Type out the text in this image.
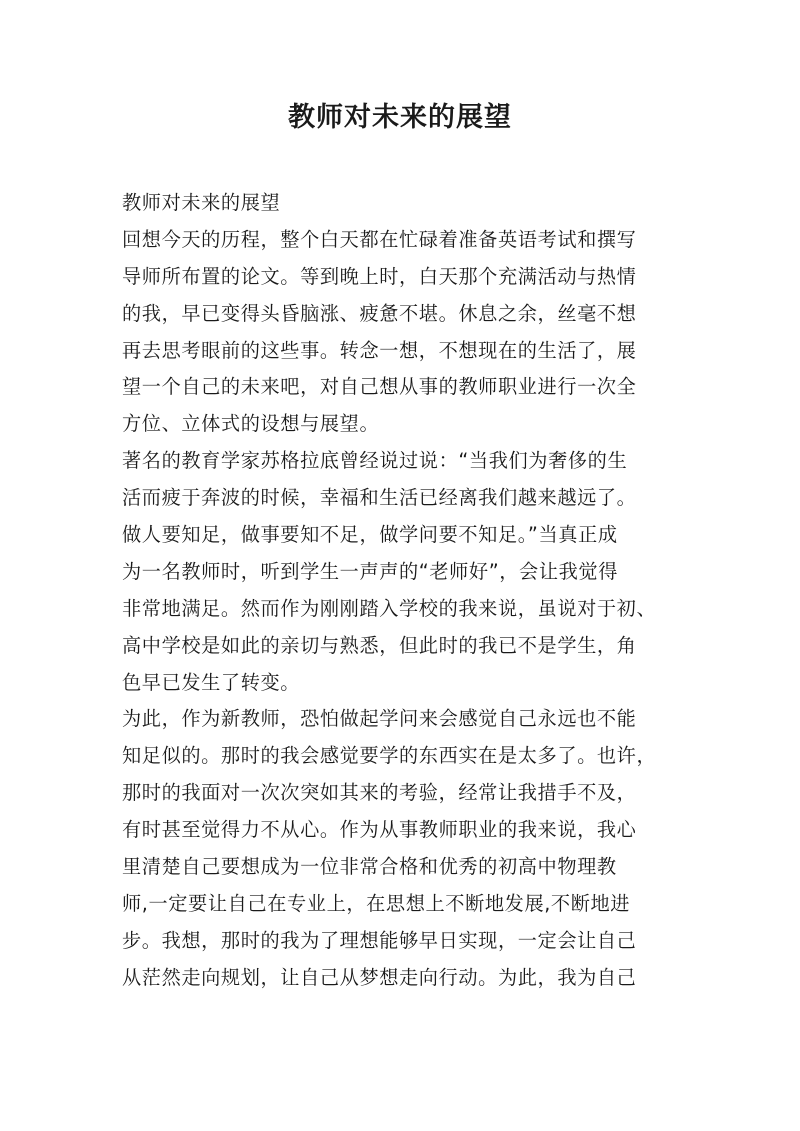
教师对未来的展望
教师对未来的展望
回想今天的历程，整个白天都在忙碌着准备英语考试和撰写
导师所布置的论文。等到晚上时，白天那个充满活动与热情
的我，早已变得头昏脑涨、疲惫不堪。休息之余，丝毫不想
再去思考眼前的这些事。转念一想，不想现在的生活了，展
望一个自己的未来吧，对自己想从事的教师职业进行一次全
方位、立体式的设想与展望。
著名的教育学家苏格拉底曾经说过说：“当我们为奢侈的生
活而疲于奔波的时候，幸福和生活已经离我们越来越远了。
做人要知足，做事要知不足，做学问要不知足。”当真正成
为一名教师时，听到学生一声声的“老师好”，会让我觉得
非常地满足。然而作为刚刚踏入学校的我来说，虽说对于初、
高中学校是如此的亲切与熟悉，但此时的我已不是学生，角
色早已发生了转变。
为此，作为新教师，恐怕做起学问来会感觉自己永远也不能
知足似的。那时的我会感觉要学的东西实在是太多了。也许，
那时的我面对一次次突如其来的考验，经常让我措手不及，
有时甚至觉得力不从心。作为从事教师职业的我来说，我心
里清楚自己要想成为一位非常合格和优秀的初高中物理教
师,一定要让自己在专业上，在思想上不断地发展,不断地进
步。我想，那时的我为了理想能够早日实现，一定会让自己
从茫然走向规划，让自己从梦想走向行动。为此，我为自己
